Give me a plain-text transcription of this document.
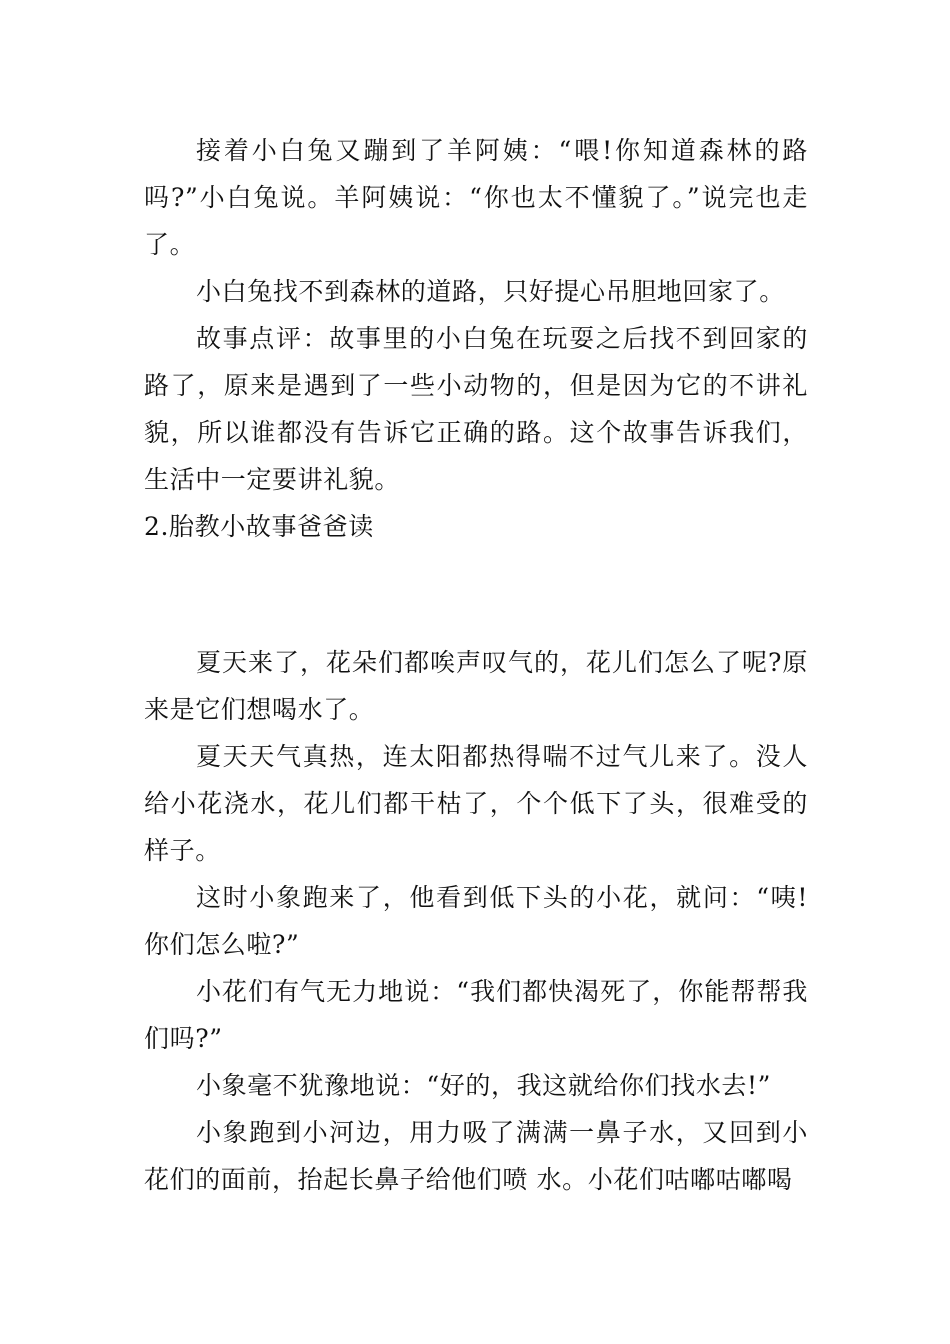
接着小白兔又蹦到了羊阿姨：“喂!你知道森林的路吗?”小白兔说。羊阿姨说：“你也太不懂貌了。”说完也走了。

小白兔找不到森林的道路，只好提心吊胆地回家了。

故事点评：故事里的小白兔在玩耍之后找不到回家的路了，原来是遇到了一些小动物的，但是因为它的不讲礼貌，所以谁都没有告诉它正确的路。这个故事告诉我们，生活中一定要讲礼貌。

2.胎教小故事爸爸读

夏天来了，花朵们都唉声叹气的，花儿们怎么了呢?原来是它们想喝水了。

夏天天气真热，连太阳都热得喘不过气儿来了。没人给小花浇水，花儿们都干枯了，个个低下了头，很难受的样子。

这时小象跑来了，他看到低下头的小花，就问：“咦!你们怎么啦?”

小花们有气无力地说：“我们都快渴死了，你能帮帮我们吗?”

小象毫不犹豫地说：“好的，我这就给你们找水去!”

小象跑到小河边，用力吸了满满一鼻子水，又回到小花们的面前，抬起长鼻子给他们喷 水。小花们咕嘟咕嘟喝
